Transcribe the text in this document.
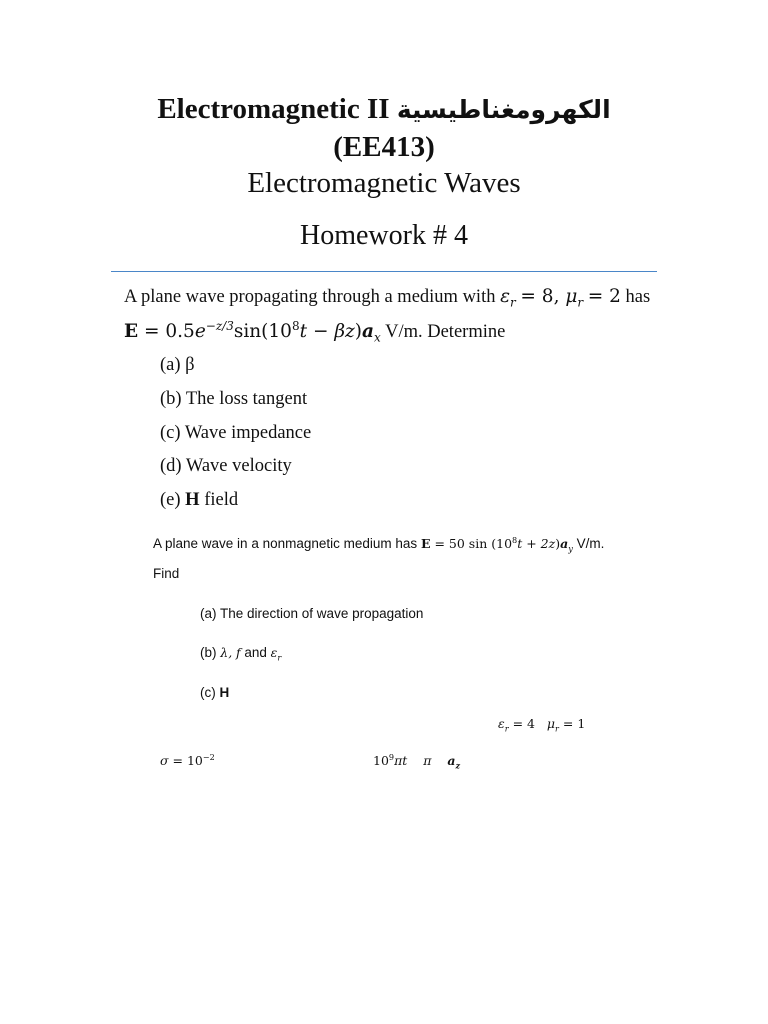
Electromagnetic II الكهرومغناطيسية
(EE413)
Electromagnetic Waves
Homework # 4
A plane wave propagating through a medium with $\varepsilon_r = 8$, $\mu_r = 2$ has
$E = 0.5e^{-z/3}\sin(10^8t - \beta z)a_x$ V/m. Determine
(a) β
(b) The loss tangent
(c) Wave impedance
(d) Wave velocity
(e) H field
A plane wave in a nonmagnetic medium has E = 50 $\sin (10^8t + 2z)a_y$ V/m.
Find
(a) The direction of wave propagation
(b) λ, f and $\varepsilon_r$
(c) H
$\varepsilon_r = 4$   $\mu_r = 1$
$\sigma = 10^{-2}$	$10^9\pi t$    π $a_z$
